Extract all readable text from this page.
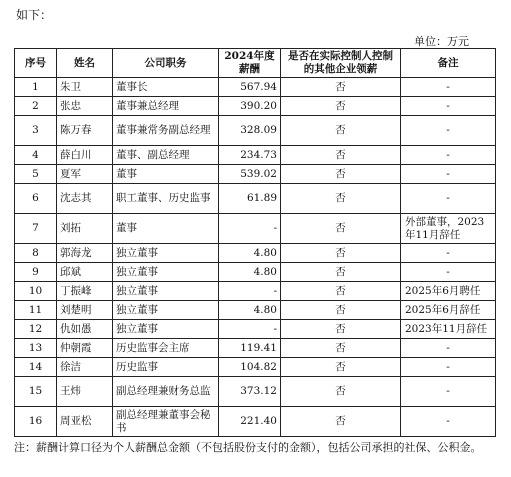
如下：
单位：万元
序号	姓名	公司职务	2024年度薪酬	是否在实际控制人控制的其他企业领薪	备注
1	朱卫	董事长	567.94	否	-
2	张忠	董事兼总经理	390.20	否	-
3	陈万春	董事兼常务副总经理	328.09	否	-
4	薛白川	董事、副总经理	234.73	否	-
5	夏军	董事	539.02	否	-
6	沈志其	职工董事、历史监事	61.89	否	-
7	刘拓	董事	-	否	外部董事，2023年11月辞任
8	郭海龙	独立董事	4.80	否	-
9	邱斌	独立董事	4.80	否	-
10	丁振峰	独立董事	-	否	2025年6月聘任
11	刘楚明	独立董事	4.80	否	2025年6月辞任
12	仇如愚	独立董事	-	否	2023年11月辞任
13	仲朝霞	历史监事会主席	119.41	否	-
14	徐洁	历史监事	104.82	否	-
15	王炜	副总经理兼财务总监	373.12	否	-
16	周亚松	副总经理兼董事会秘书	221.40	否	-
注：薪酬计算口径为个人薪酬总金额（不包括股份支付的金额），包括公司承担的社保、公积金。
